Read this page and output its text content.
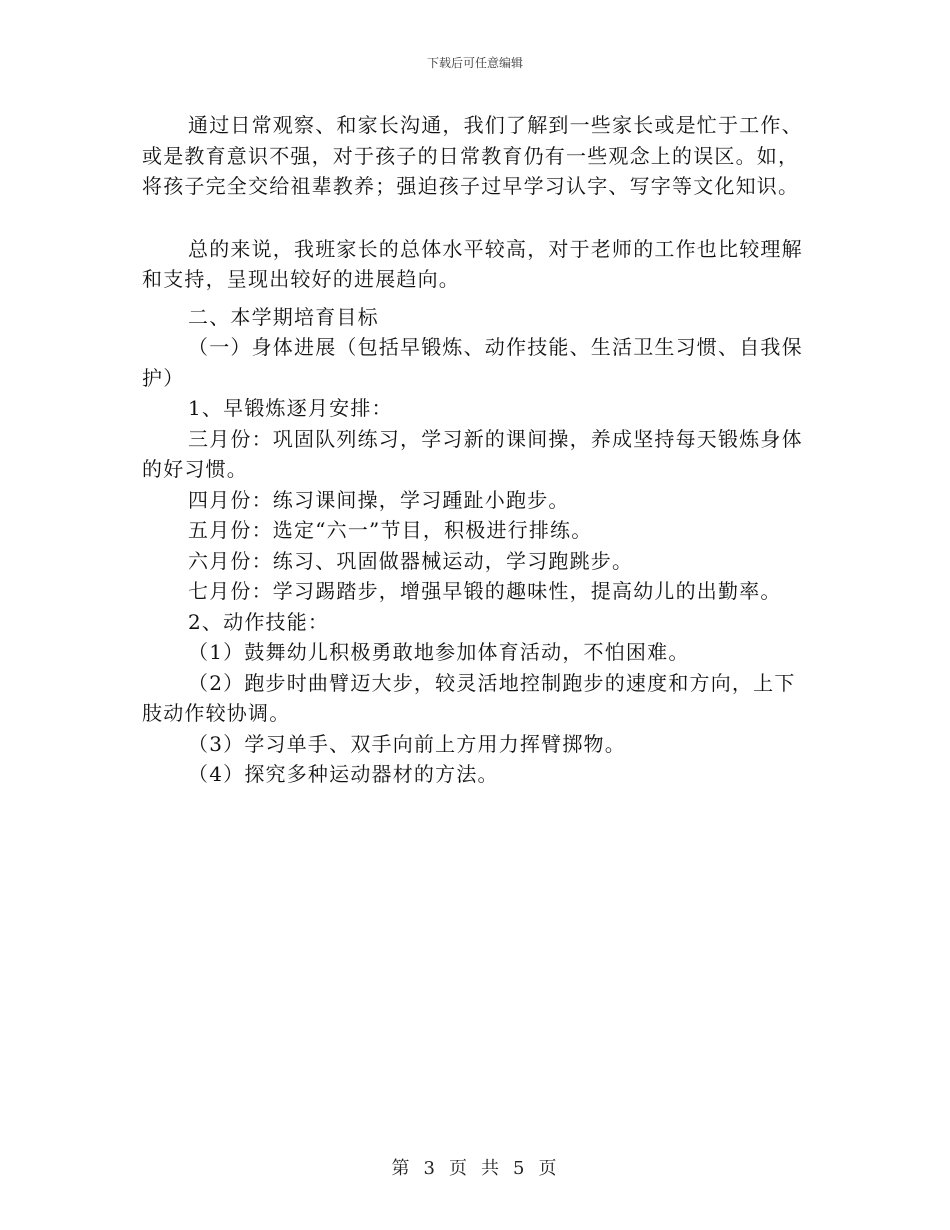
下载后可任意编辑

通过日常观察、和家长沟通，我们了解到一些家长或是忙于工作、或是教育意识不强，对于孩子的日常教育仍有一些观念上的误区。如，将孩子完全交给祖辈教养；强迫孩子过早学习认字、写字等文化知识。

总的来说，我班家长的总体水平较高，对于老师的工作也比较理解和支持，呈现出较好的进展趋向。

二、本学期培育目标

（一）身体进展（包括早锻炼、动作技能、生活卫生习惯、自我保护）

1、早锻炼逐月安排：

三月份：巩固队列练习，学习新的课间操，养成坚持每天锻炼身体的好习惯。

四月份：练习课间操，学习踵趾小跑步。

五月份：选定“六一”节目，积极进行排练。

六月份：练习、巩固做器械运动，学习跑跳步。

七月份：学习踢踏步，增强早锻的趣味性，提高幼儿的出勤率。

2、动作技能：

（1）鼓舞幼儿积极勇敢地参加体育活动，不怕困难。

（2）跑步时曲臂迈大步，较灵活地控制跑步的速度和方向，上下肢动作较协调。

（3）学习单手、双手向前上方用力挥臂掷物。

（4）探究多种运动器材的方法。

第 3 页 共 5 页
